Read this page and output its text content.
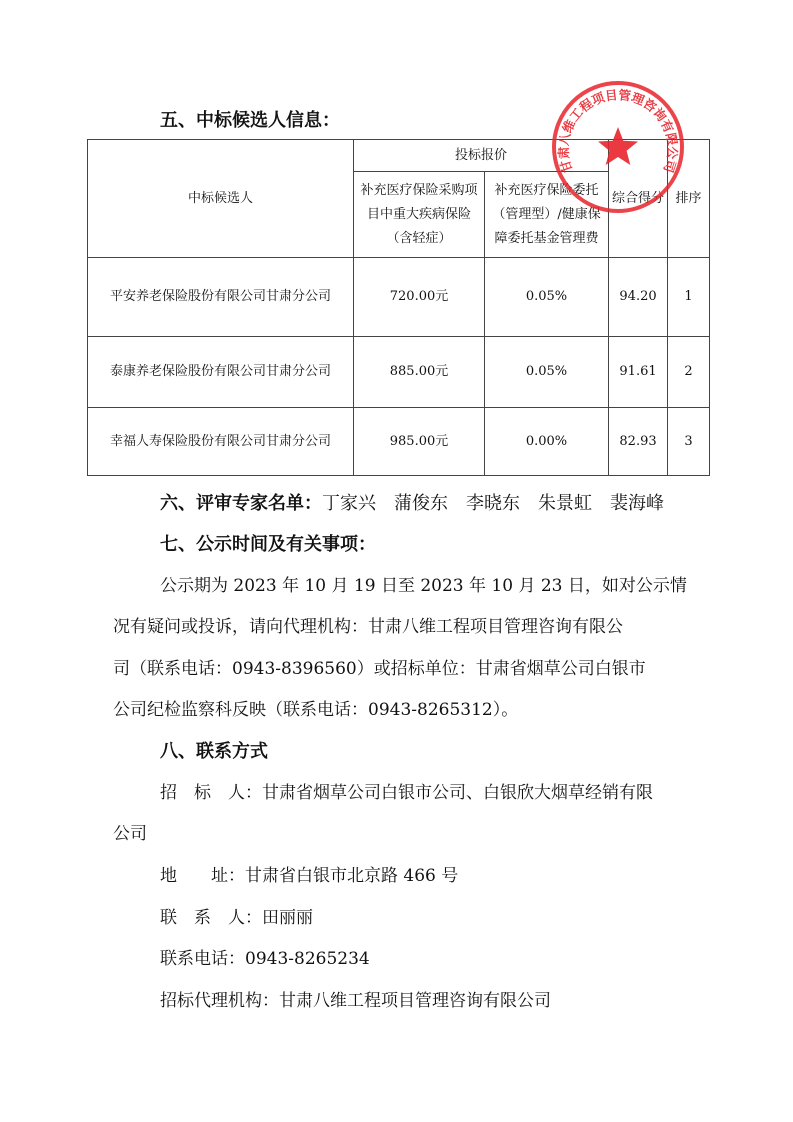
五、中标候选人信息：
中标候选人	投标报价		综合得分	排序
	补充医疗保险采购项目中重大疾病保险（含轻症）	补充医疗保险委托（管理型）/健康保障委托基金管理费		
平安养老保险股份有限公司甘肃分公司	720.00元	0.05%	94.20	1
泰康养老保险股份有限公司甘肃分公司	885.00元	0.05%	91.61	2
幸福人寿保险股份有限公司甘肃分公司	985.00元	0.00%	82.93	3
甘肃八维工程项目管理咨询有限公司
六、评审专家名单：丁家兴　蒲俊东　李晓东　朱景虹　裴海峰
七、公示时间及有关事项：
公示期为 2023 年 10 月 19 日至 2023 年 10 月 23 日，如对公示情
况有疑问或投诉，请向代理机构：甘肃八维工程项目管理咨询有限公
司（联系电话：0943-8396560）或招标单位：甘肃省烟草公司白银市
公司纪检监察科反映（联系电话：0943-8265312）。
八、联系方式
招　标　人：甘肃省烟草公司白银市公司、白银欣大烟草经销有限
公司
地　　址：甘肃省白银市北京路 466 号
联　系　人：田丽丽
联系电话：0943-8265234
招标代理机构：甘肃八维工程项目管理咨询有限公司
